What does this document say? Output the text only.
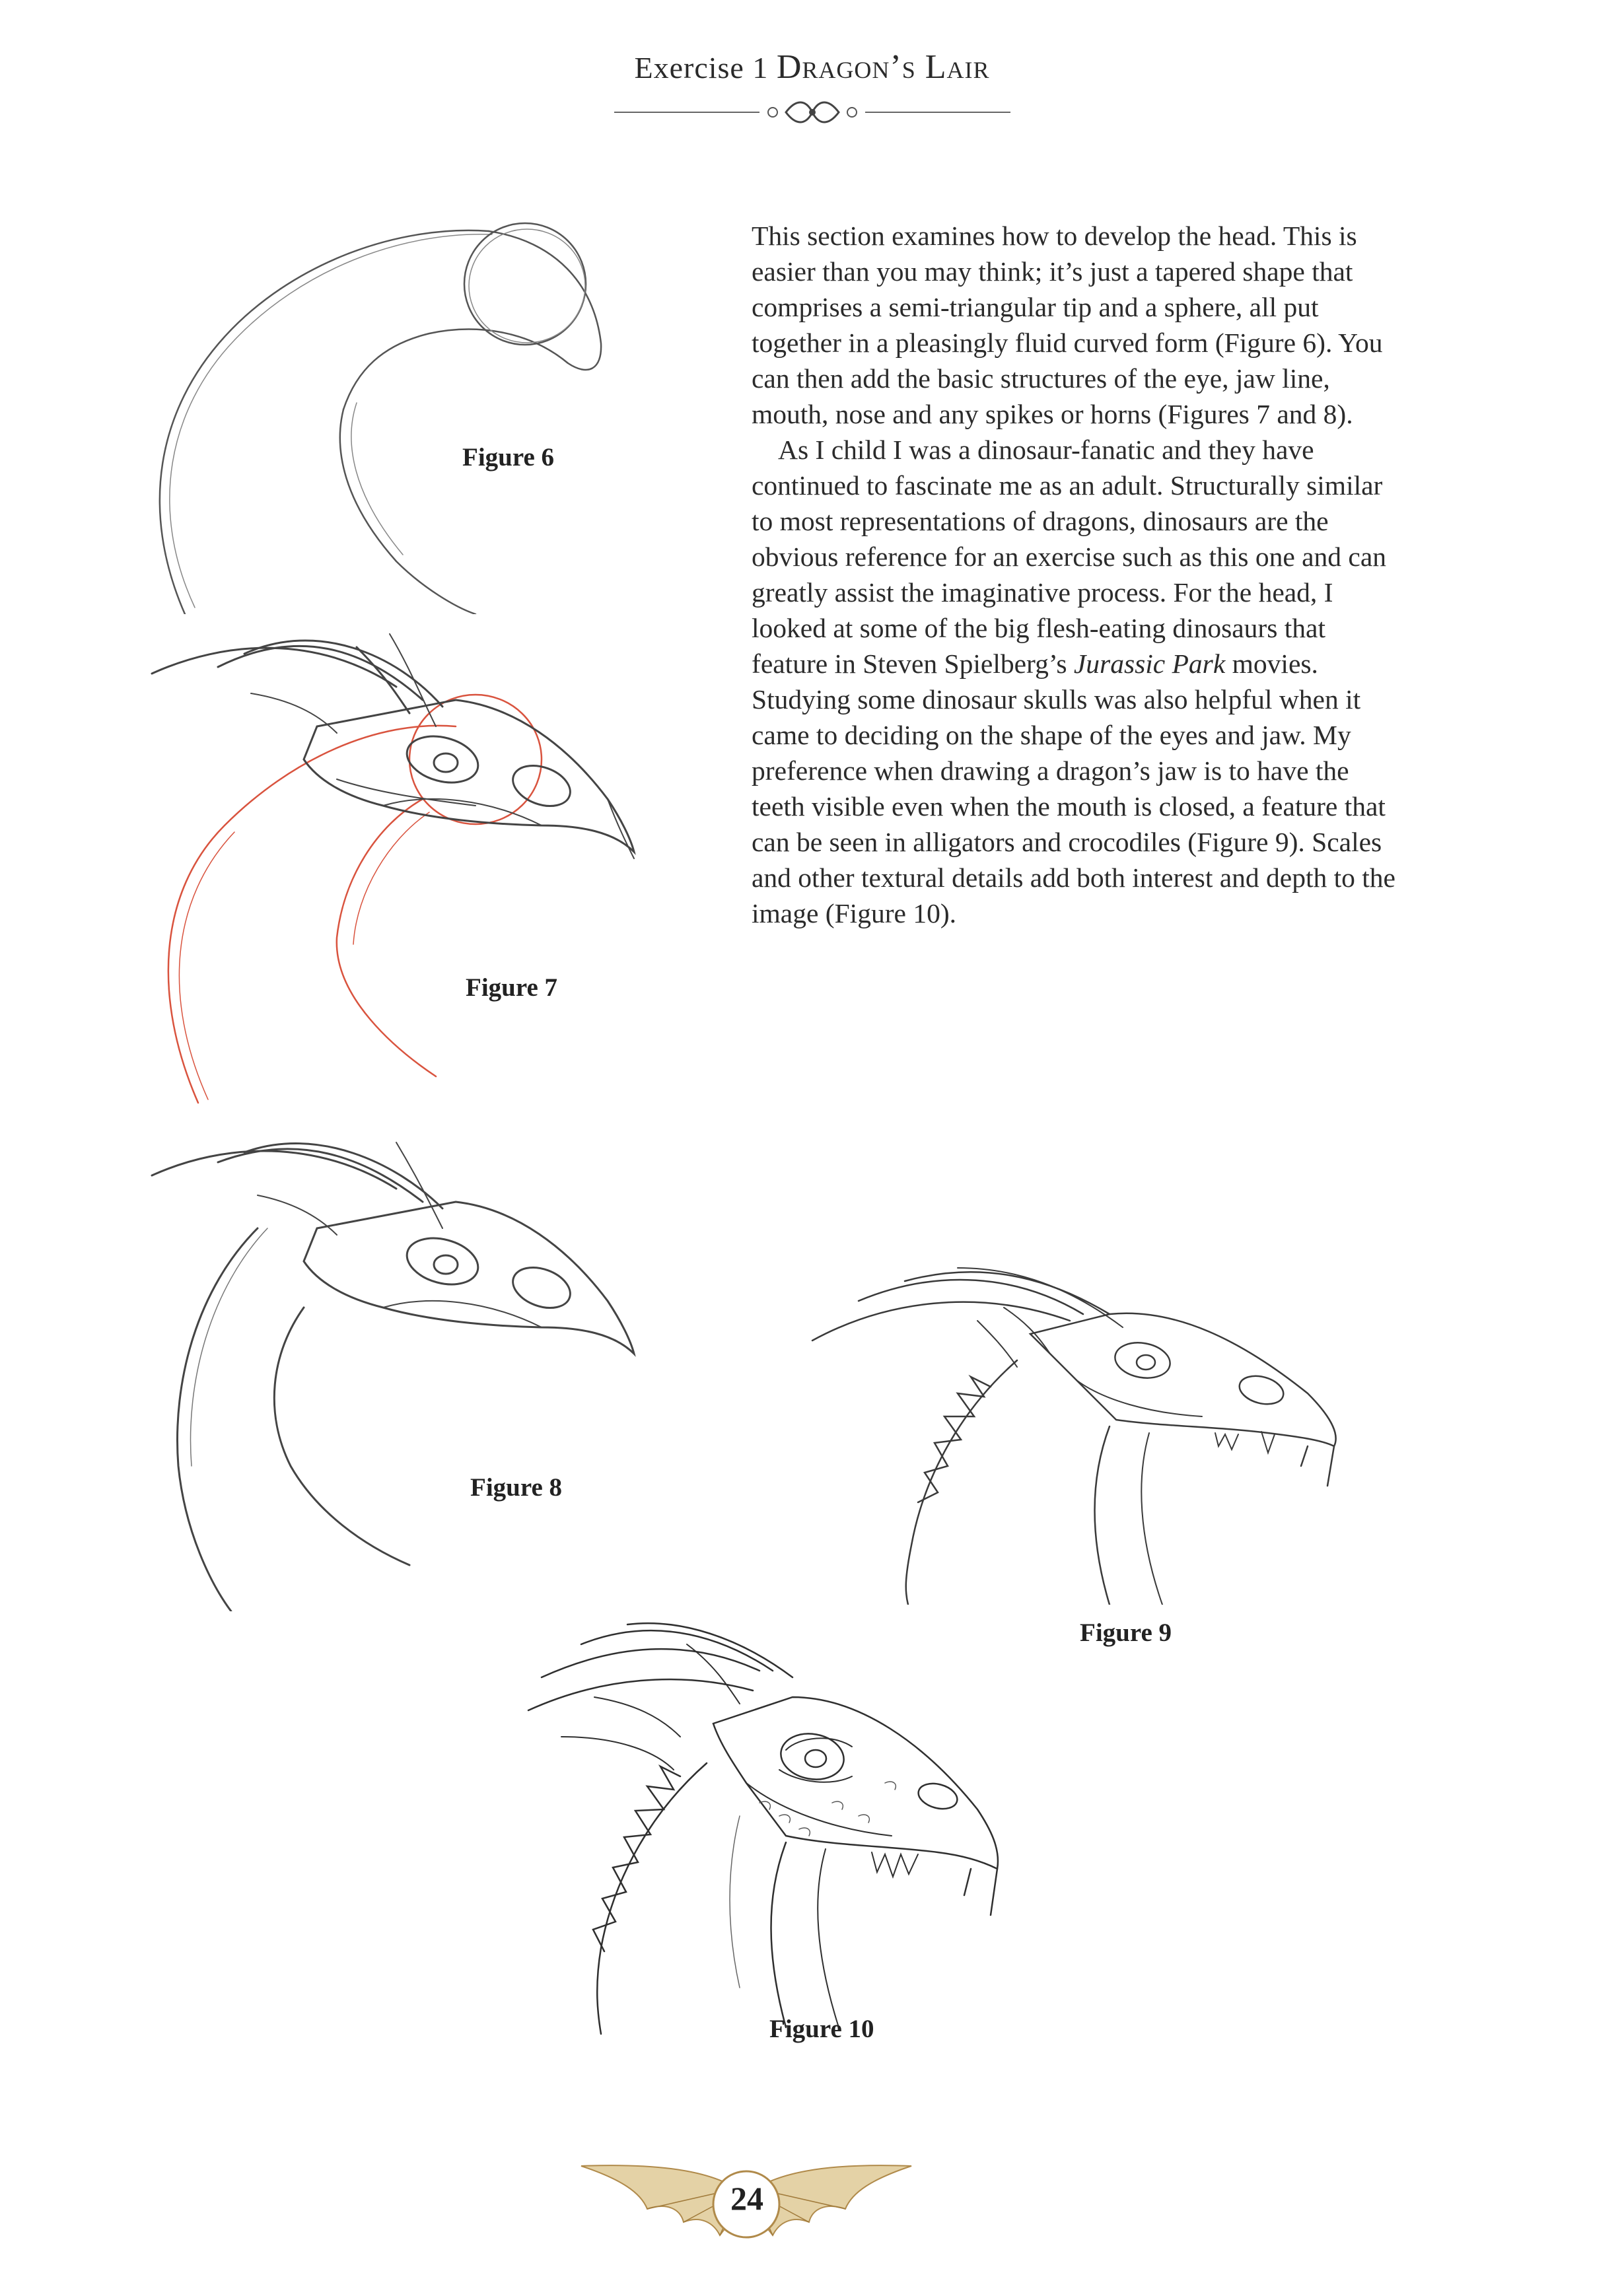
Exercise 1 Dragon’s Lair

This section examines how to develop the head. This is easier than you may think; it’s just a tapered shape that comprises a semi-triangular tip and a sphere, all put together in a pleasingly fluid curved form (Figure 6). You can then add the basic structures of the eye, jaw line, mouth, nose and any spikes or horns (Figures 7 and 8).

As I child I was a dinosaur-fanatic and they have continued to fascinate me as an adult. Structurally similar to most representations of dragons, dinosaurs are the obvious reference for an exercise such as this one and can greatly assist the imaginative process. For the head, I looked at some of the big flesh-eating dinosaurs that feature in Steven Spielberg’s Jurassic Park movies. Studying some dinosaur skulls was also helpful when it came to deciding on the shape of the eyes and jaw. My preference when drawing a dragon’s jaw is to have the teeth visible even when the mouth is closed, a feature that can be seen in alligators and crocodiles (Figure 9). Scales and other textural details add both interest and depth to the image (Figure 10).

Figure 6
Figure 7
Figure 8
Figure 9
Figure 10
24
